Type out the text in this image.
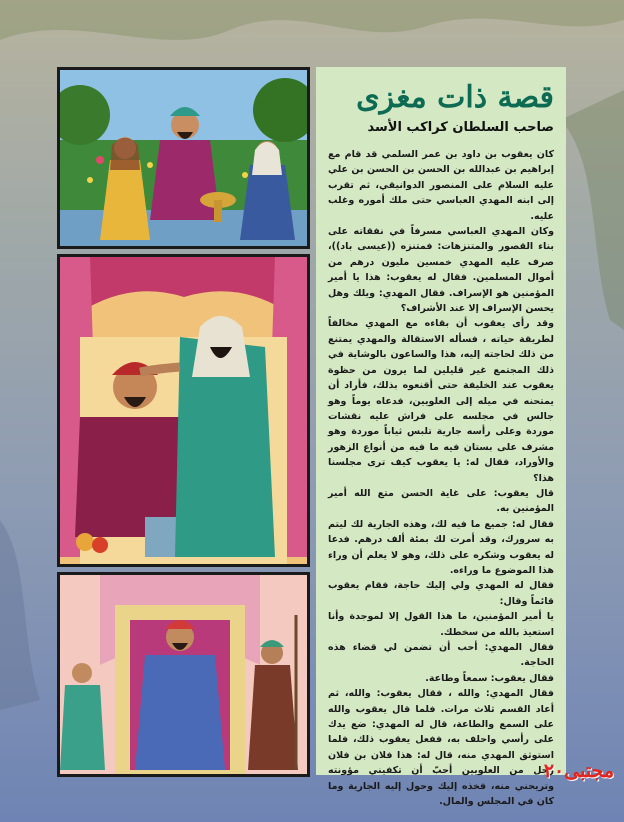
قصة ذات مغزى
صاحب السلطان كراكب الأسد

كان يعقوب بن داود بن عمر السلمي قد قام مع إبراهيم بن عبدالله بن الحسن بن الحسن بن علي عليه السلام على المنصور الدوانيقي، ثم تقرب إلى ابنه المهدي العباسي حتى ملك أموره وغلب عليه.

وكان المهدي العباسي مسرفاً في نفقاته على بناء القصور والمتنزهات: فمتنزه ((عيسى باد))، صرف عليه المهدي خمسين مليون درهم من أموال المسلمين. فقال له يعقوب: هذا يا أمير المؤمنين هو الإسراف. فقال المهدي: ويلك وهل يحسن الإسراف إلا عند الأشراف؟

وقد رأى يعقوب أن بقاءه مع المهدي مخالفاً لطريقة حياته ، فسأله الاستقالة والمهدي يمتنع من ذلك لحاجته إليه، هذا والساعون بالوشاية في ذلك المجتمع غير قليلين لما يرون من حظوة يعقوب عند الخليفة حتى أقنعوه بذلك، فأراد أن يمتحنه في ميله إلى العلويين، فدعاه يوماً وهو جالس في مجلسه على فراش عليه نقشات موردة وعلى رأسه جارية تلبس ثياباً موردة وهو مشرف على بستان فيه ما فيه من أنواع الزهور والأوراد، فقال له: يا يعقوب كيف ترى مجلسنا هذا؟

قال يعقوب: على غاية الحسن متع الله أمير المؤمنين به.

فقال له: جميع ما فيه لك، وهذه الجارية لك ليتم به سرورك، وقد أمرت لك بمئة ألف درهم. فدعا له يعقوب وشكره على ذلك، وهو لا يعلم أن وراء هذا الموضوع ما وراءه.

فقال له المهدي ولي إليك حاجة، فقام يعقوب قائماً وقال:

يا أمير المؤمنين، ما هذا القول إلا لموجدة وأنا استعيذ بالله من سخطك.

فقال المهدي: أحب أن تضمن لي قضاء هذه الحاجة.

فقال يعقوب: سمعاً وطاعة.

فقال المهدي: والله ، فقال يعقوب: والله، ثم أعاد القسم ثلاث مرات. فلما قال يعقوب والله على السمع والطاعة، قال له المهدي: ضع يدك على رأسي واحلف به، ففعل يعقوب ذلك، فلما استوثق المهدي منه، قال له: هذا فلان بن فلان رجل من العلويين أحبّ أن تكفيني مؤونته وتريحني منه، فخذه إليك وحول إليه الجارية وما كان في المجلس والمال.

مجتبى٢٠
